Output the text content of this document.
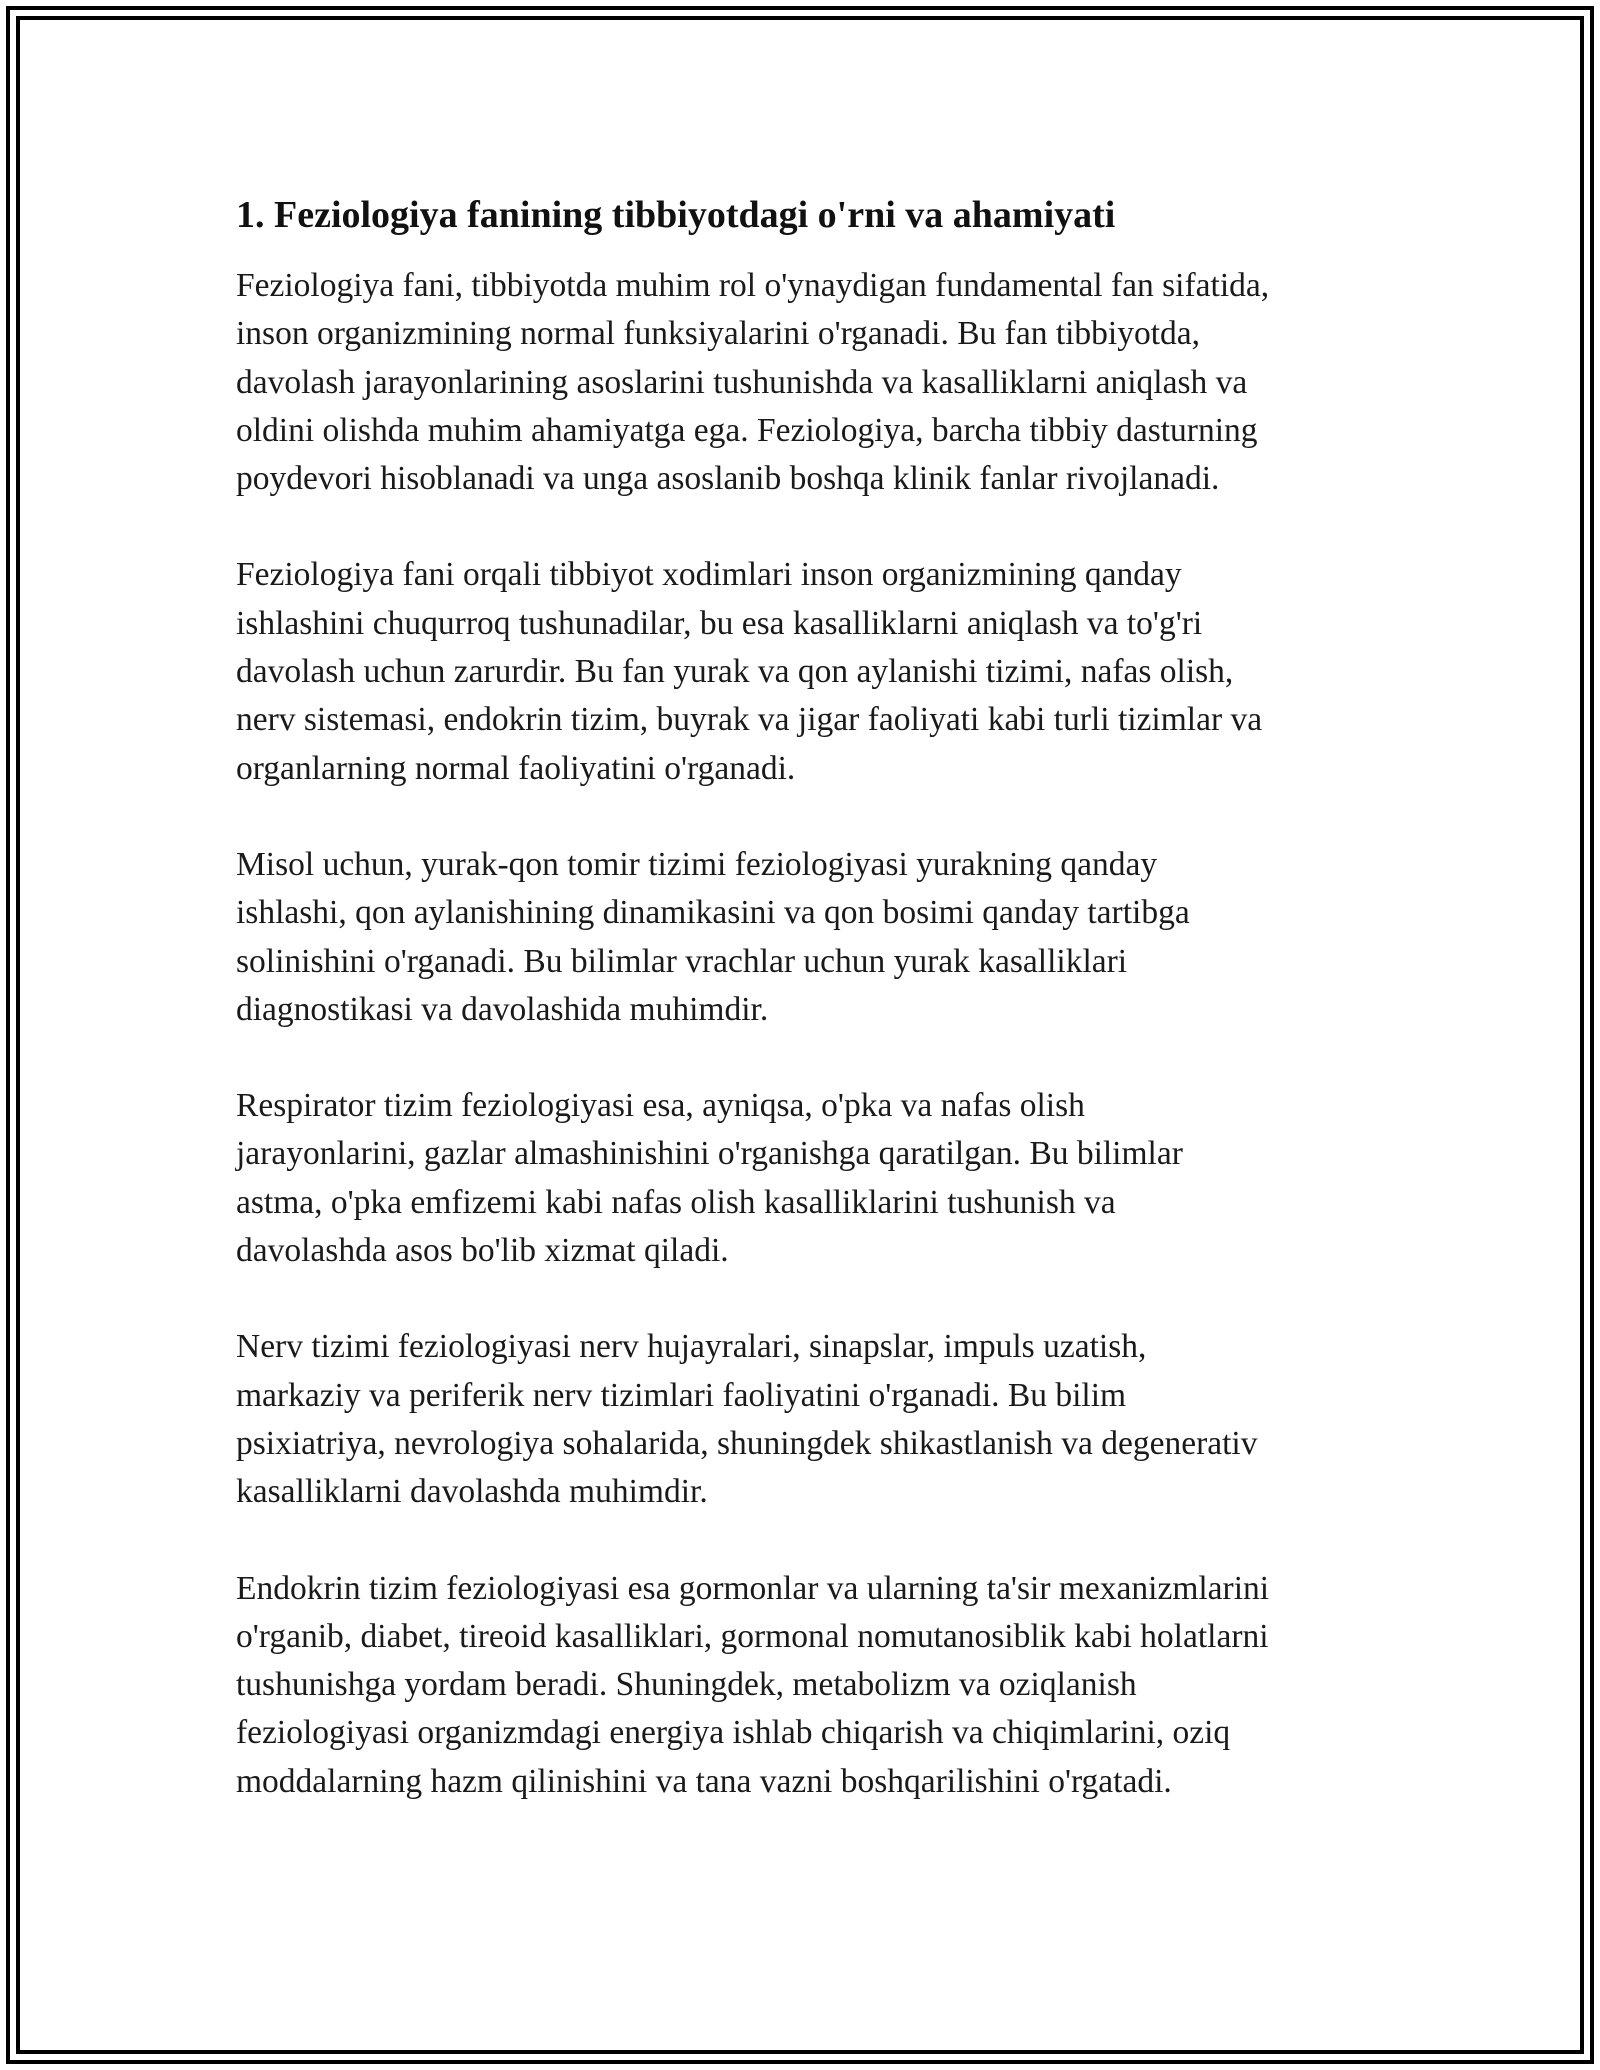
1. Feziologiya fanining tibbiyotdagi o'rni va ahamiyati

Feziologiya fani, tibbiyotda muhim rol o'ynaydigan fundamental fan sifatida,
inson organizmining normal funksiyalarini o'rganadi. Bu fan tibbiyotda,
davolash jarayonlarining asoslarini tushunishda va kasalliklarni aniqlash va
oldini olishda muhim ahamiyatga ega. Feziologiya, barcha tibbiy dasturning
poydevori hisoblanadi va unga asoslanib boshqa klinik fanlar rivojlanadi.

Feziologiya fani orqali tibbiyot xodimlari inson organizmining qanday
ishlashini chuqurroq tushunadilar, bu esa kasalliklarni aniqlash va to'g'ri
davolash uchun zarurdir. Bu fan yurak va qon aylanishi tizimi, nafas olish,
nerv sistemasi, endokrin tizim, buyrak va jigar faoliyati kabi turli tizimlar va
organlarning normal faoliyatini o'rganadi.

Misol uchun, yurak-qon tomir tizimi feziologiyasi yurakning qanday
ishlashi, qon aylanishining dinamikasini va qon bosimi qanday tartibga
solinishini o'rganadi. Bu bilimlar vrachlar uchun yurak kasalliklari
diagnostikasi va davolashida muhimdir.

Respirator tizim feziologiyasi esa, ayniqsa, o'pka va nafas olish
jarayonlarini, gazlar almashinishini o'rganishga qaratilgan. Bu bilimlar
astma, o'pka emfizemi kabi nafas olish kasalliklarini tushunish va
davolashda asos bo'lib xizmat qiladi.

Nerv tizimi feziologiyasi nerv hujayralari, sinapslar, impuls uzatish,
markaziy va periferik nerv tizimlari faoliyatini o'rganadi. Bu bilim
psixiatriya, nevrologiya sohalarida, shuningdek shikastlanish va degenerativ
kasalliklarni davolashda muhimdir.

Endokrin tizim feziologiyasi esa gormonlar va ularning ta'sir mexanizmlarini
o'rganib, diabet, tireoid kasalliklari, gormonal nomutanosiblik kabi holatlarni
tushunishga yordam beradi. Shuningdek, metabolizm va oziqlanish
feziologiyasi organizmdagi energiya ishlab chiqarish va chiqimlarini, oziq
moddalarning hazm qilinishini va tana vazni boshqarilishini o'rgatadi.
